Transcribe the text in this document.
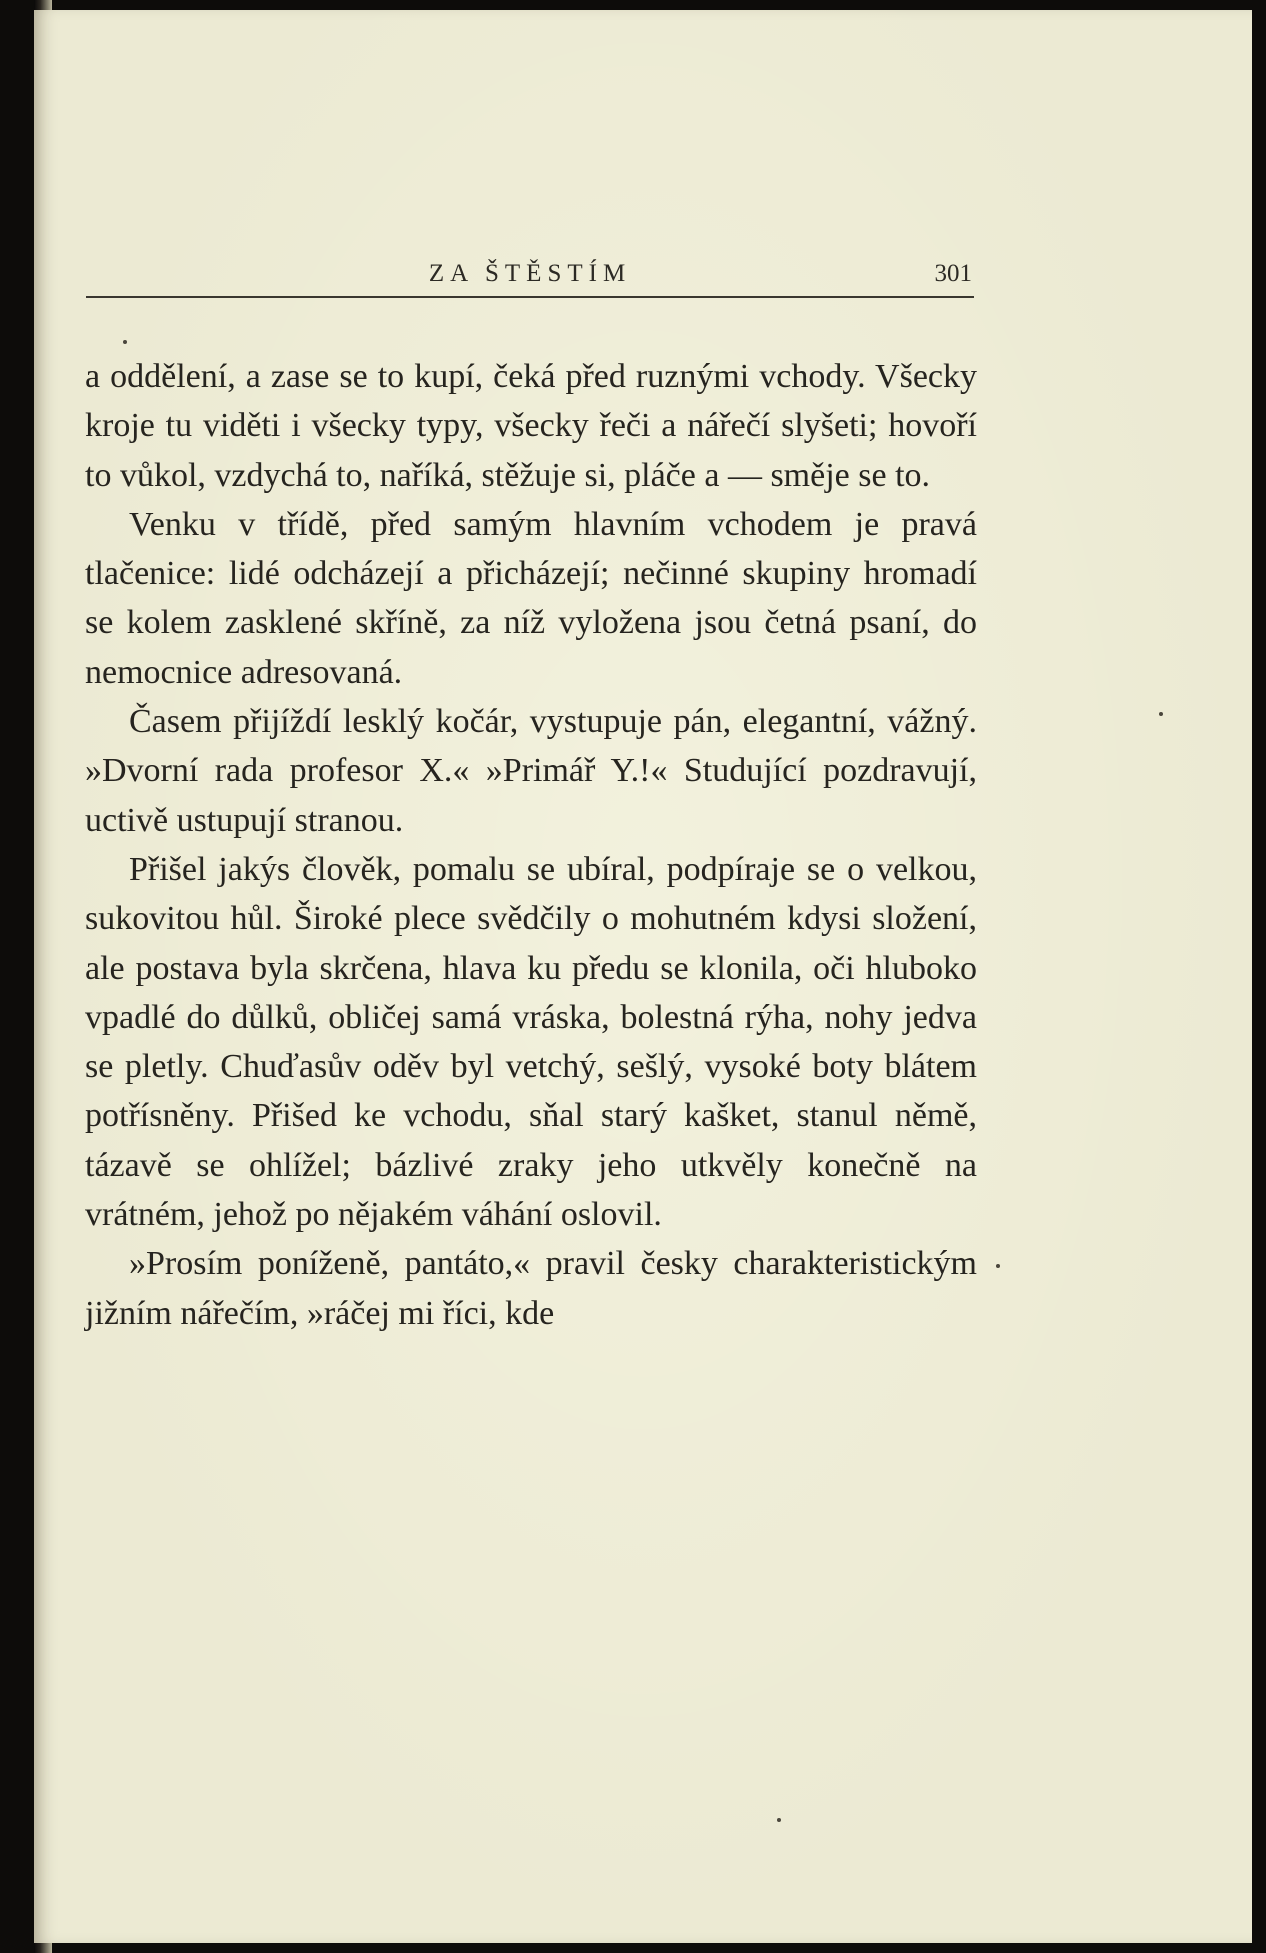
ZA ŠTĚSTÍM	301

a oddělení, a zase se to kupí, čeká před ruznými vchody. Všecky kroje tu viděti i všecky typy, všecky řeči a nářečí slyšeti; hovoří to vůkol, vzdychá to, naříká, stěžuje si, pláče a — směje se to.

Venku v třídě, před samým hlavním vchodem je pravá tlačenice: lidé odcházejí a přicházejí; nečinné skupiny hromadí se kolem zasklené skříně, za níž vyložena jsou četná psaní, do nemocnice adresovaná.

Časem přijíždí lesklý kočár, vystupuje pán, elegantní, vážný. »Dvorní rada profesor X.« »Primář Y.!« Studující pozdravují, uctivě ustupují stranou.

Přišel jakýs člověk, pomalu se ubíral, podpíraje se o velkou, sukovitou hůl. Široké plece svědčily o mohutném kdysi složení, ale postava byla skrčena, hlava ku předu se klonila, oči hluboko vpadlé do důlků, obličej samá vráska, bolestná rýha, nohy jedva se pletly. Chuďasův oděv byl vetchý, sešlý, vysoké boty blátem potřísněny. Přišed ke vchodu, sňal starý kašket, stanul němě, tázavě se ohlížel; bázlivé zraky jeho utkvěly konečně na vrátném, jehož po nějakém váhání oslovil.

»Prosím poníženě, pantáto,« pravil česky charakteristickým jižním nářečím, »ráčej mi říci, kde
